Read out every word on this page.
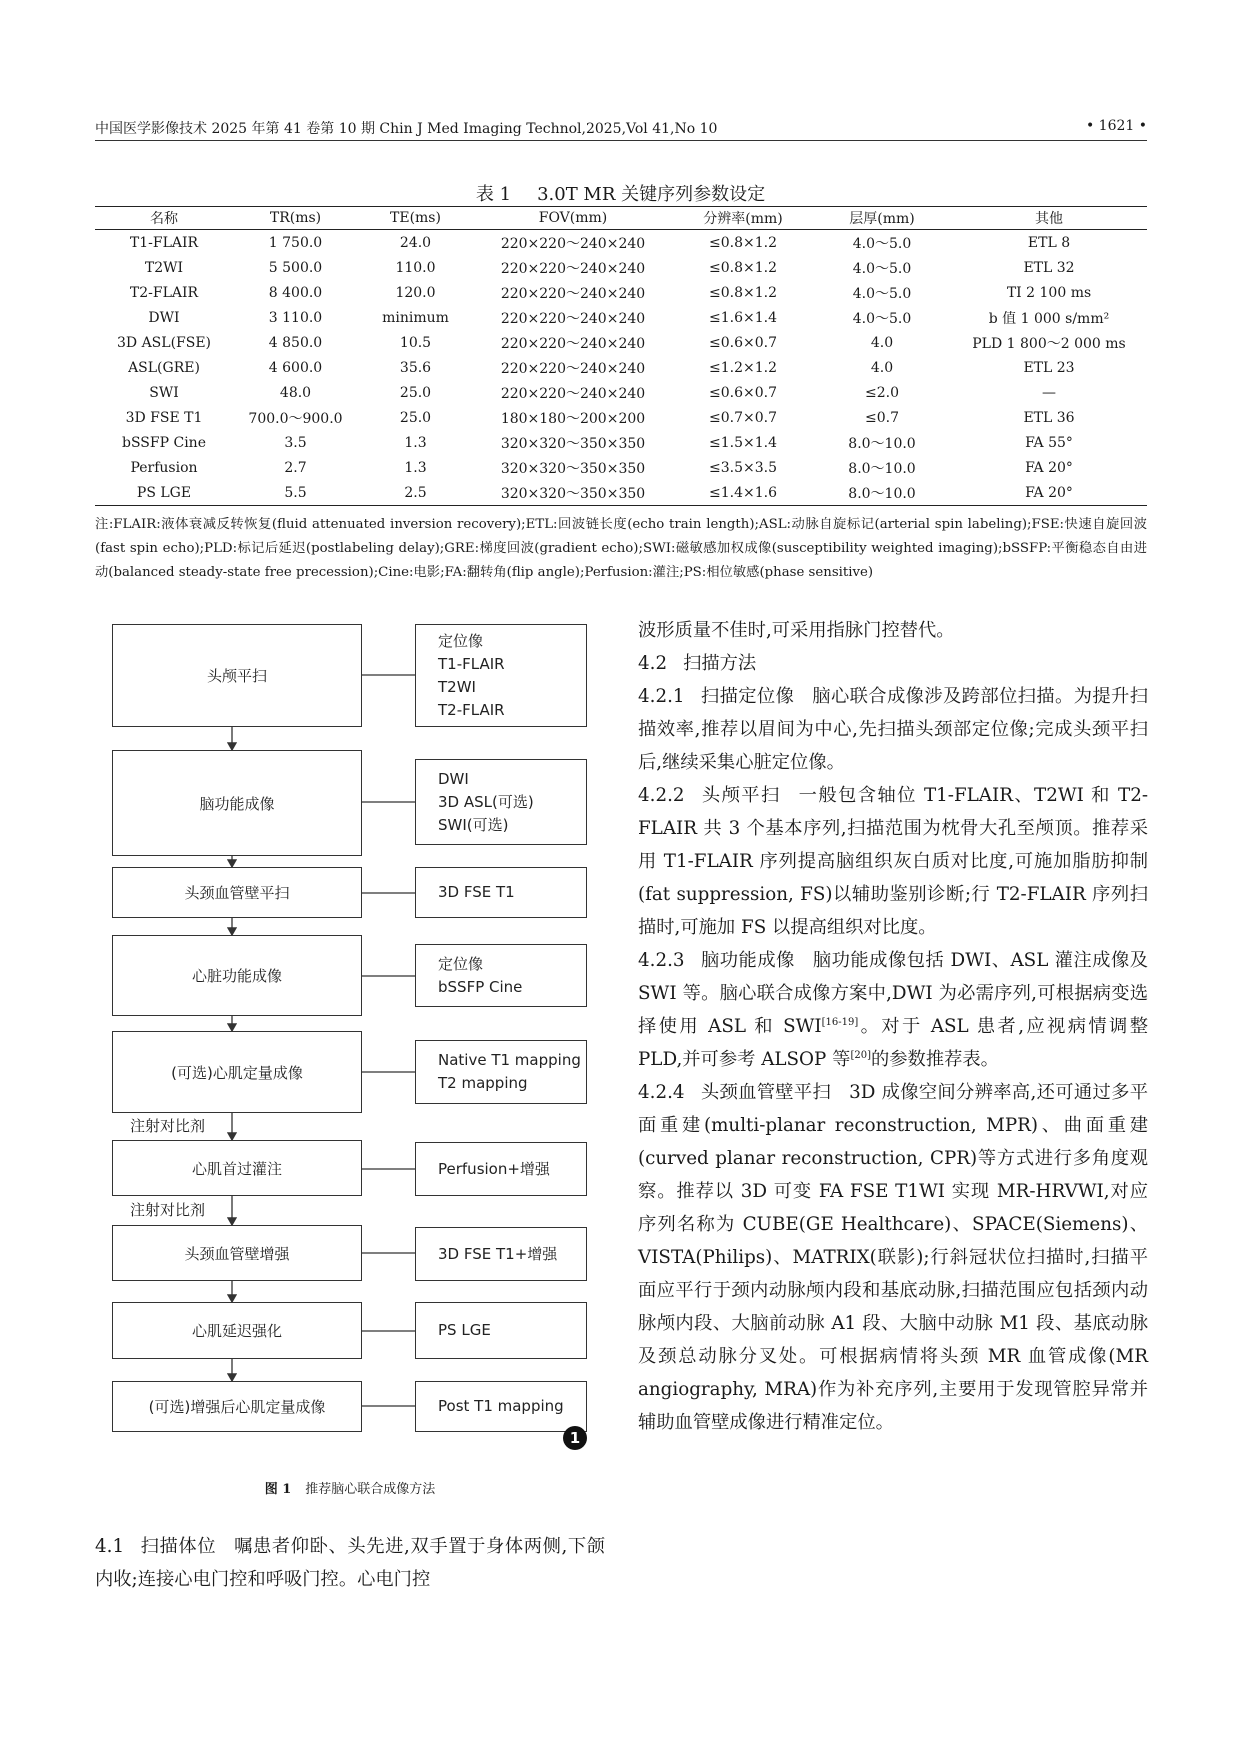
中国医学影像技术 2025 年第 41 卷第 10 期 Chin J Med Imaging Technol,2025,Vol 41,No 10	• 1621 •
表 1 3.0T MR 关键序列参数设定
名称	TR(ms)	TE(ms)	FOV(mm)	分辨率(mm)	层厚(mm)	其他
T1-FLAIR	1 750.0	24.0	220×220～240×240	≤0.8×1.2	4.0～5.0	ETL 8
T2WI	5 500.0	110.0	220×220～240×240	≤0.8×1.2	4.0～5.0	ETL 32
T2-FLAIR	8 400.0	120.0	220×220～240×240	≤0.8×1.2	4.0～5.0	TI 2 100 ms
DWI	3 110.0	minimum	220×220～240×240	≤1.6×1.4	4.0～5.0	b 值 1 000 s/mm²
3D ASL(FSE)	4 850.0	10.5	220×220～240×240	≤0.6×0.7	4.0	PLD 1 800～2 000 ms
ASL(GRE)	4 600.0	35.6	220×220～240×240	≤1.2×1.2	4.0	ETL 23
SWI	48.0	25.0	220×220～240×240	≤0.6×0.7	≤2.0	—
3D FSE T1	700.0～900.0	25.0	180×180～200×200	≤0.7×0.7	≤0.7	ETL 36
bSSFP Cine	3.5	1.3	320×320～350×350	≤1.5×1.4	8.0～10.0	FA 55°
Perfusion	2.7	1.3	320×320～350×350	≤3.5×3.5	8.0～10.0	FA 20°
PS LGE	5.5	2.5	320×320～350×350	≤1.4×1.6	8.0～10.0	FA 20°
注:FLAIR:液体衰减反转恢复(fluid attenuated inversion recovery);ETL:回波链长度(echo train length);ASL:动脉自旋标记(arterial spin labeling);FSE:快速自旋回波(fast spin echo);PLD:标记后延迟(postlabeling delay);GRE:梯度回波(gradient echo);SWI:磁敏感加权成像(susceptibility weighted imaging);bSSFP:平衡稳态自由进动(balanced steady-state free precession);Cine:电影;FA:翻转角(flip angle);Perfusion:灌注;PS:相位敏感(phase sensitive)
头颅平扫
定位像
T1-FLAIR
T2WI
T2-FLAIR
脑功能成像
DWI
3D ASL(可选)
SWI(可选)
头颈血管壁平扫	3D FSE T1
心脏功能成像
定位像
bSSFP Cine
(可选)心肌定量成像
Native T1 mapping
T2 mapping
注射对比剂
心肌首过灌注	Perfusion+增强
注射对比剂
头颈血管壁增强	3D FSE T1+增强
心肌延迟强化	PS LGE
(可选)增强后心肌定量成像	Post T1 mapping
1
图 1 推荐脑心联合成像方法

4.1 扫描体位 嘱患者仰卧、头先进,双手置于身体两侧,下颌内收;连接心电门控和呼吸门控。心电门控

波形质量不佳时,可采用指脉门控替代。

4.2 扫描方法

4.2.1 扫描定位像 脑心联合成像涉及跨部位扫描。为提升扫描效率,推荐以眉间为中心,先扫描头颈部定位像;完成头颈平扫后,继续采集心脏定位像。

4.2.2 头颅平扫 一般包含轴位 T1-FLAIR、T2WI 和 T2-FLAIR 共 3 个基本序列,扫描范围为枕骨大孔至颅顶。推荐采用 T1-FLAIR 序列提高脑组织灰白质对比度,可施加脂肪抑制(fat suppression, FS)以辅助鉴别诊断;行 T2-FLAIR 序列扫描时,可施加 FS 以提高组织对比度。

4.2.3 脑功能成像 脑功能成像包括 DWI、ASL 灌注成像及 SWI 等。脑心联合成像方案中,DWI 为必需序列,可根据病变选择使用 ASL 和 SWI[16-19]。对于 ASL 患者,应视病情调整 PLD,并可参考 ALSOP 等[20]的参数推荐表。

4.2.4 头颈血管壁平扫 3D 成像空间分辨率高,还可通过多平面重建(multi-planar reconstruction, MPR)、曲面重建(curved planar reconstruction, CPR)等方式进行多角度观察。推荐以 3D 可变 FA FSE T1WI 实现 MR-HRVWI,对应序列名称为 CUBE(GE Healthcare)、SPACE(Siemens)、VISTA(Philips)、MATRIX(联影);行斜冠状位扫描时,扫描平面应平行于颈内动脉颅内段和基底动脉,扫描范围应包括颈内动脉颅内段、大脑前动脉 A1 段、大脑中动脉 M1 段、基底动脉及颈总动脉分叉处。可根据病情将头颈 MR 血管成像(MR angiography, MRA)作为补充序列,主要用于发现管腔异常并辅助血管壁成像进行精准定位。
